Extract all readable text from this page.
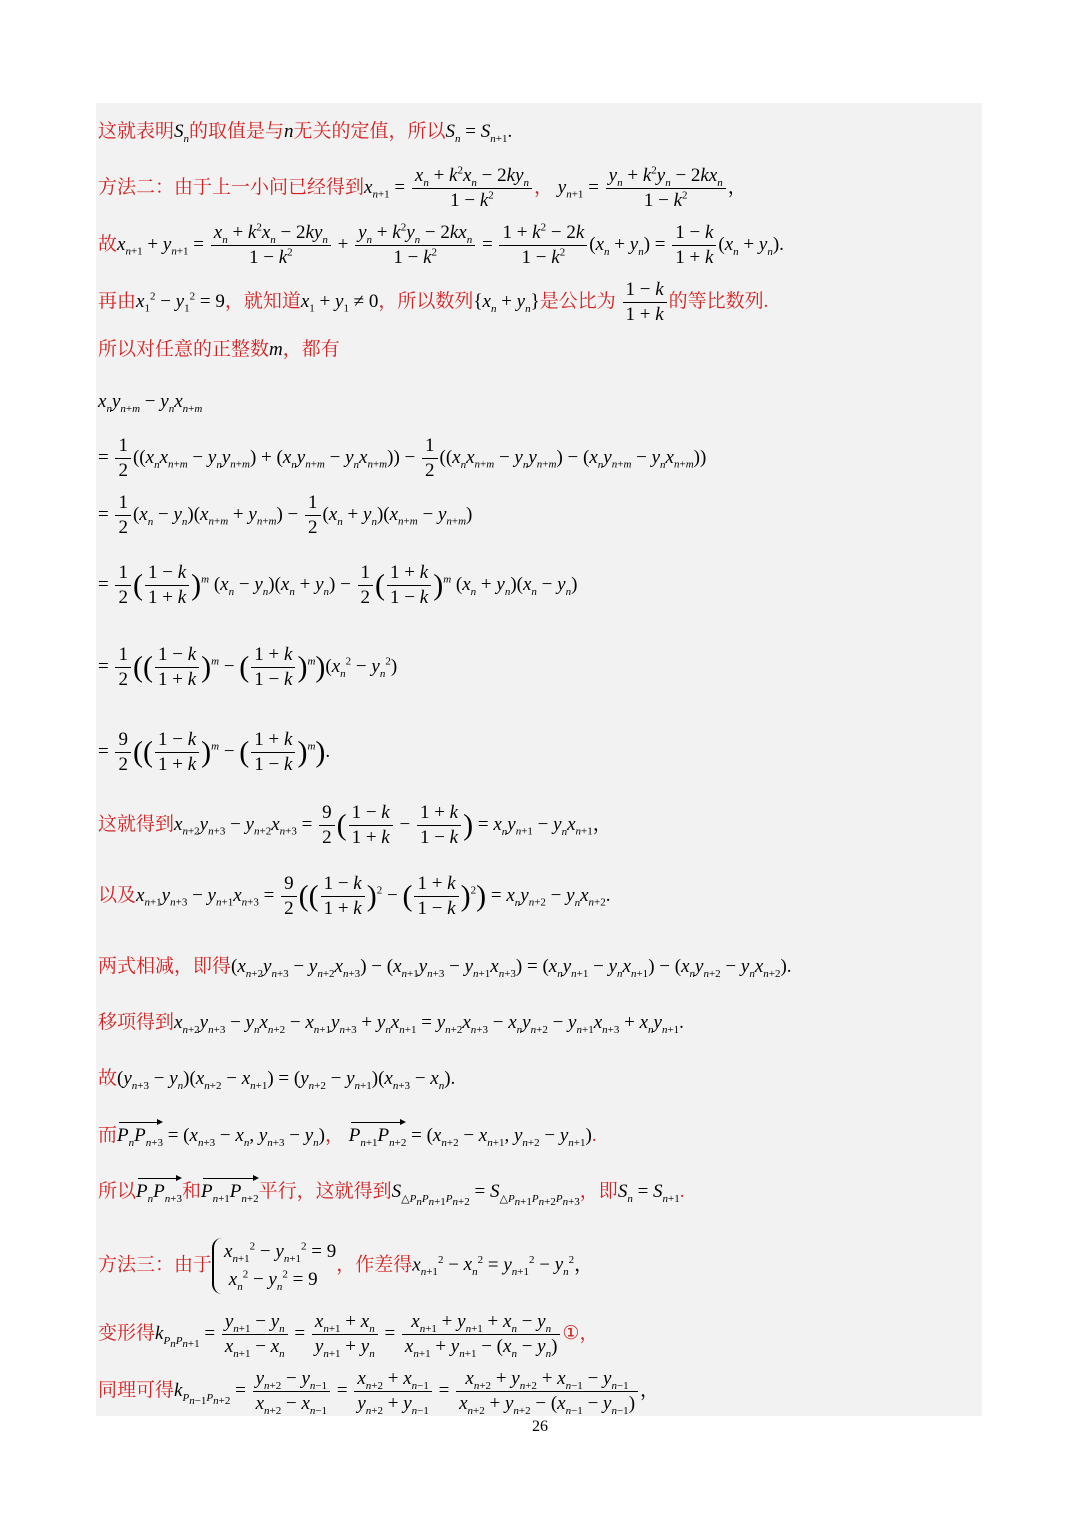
这就表明$S_n$的取值是与n无关的定值，所以$S_n = S_{n+1}$.
方法二：由于上一小问已经得到$x_{n+1} = \frac{x_n + k^2x_n - 2ky_n}{1 - k^2}$ ， $y_{n+1} = \frac{y_n + k^2y_n - 2kx_n}{1 - k^2}$ ，
故$x_{n+1} + y_{n+1} = \frac{x_n + k^2x_n - 2ky_n}{1 - k^2} + \frac{y_n + k^2y_n - 2kx_n}{1 - k^2} = \frac{1 + k^2 - 2k}{1 - k^2} (x_n + y_n) = \frac{1 - k}{1 + k} (x_n + y_n)$.
再由$x_1^2 - y_1^2 = 9$，就知道$x_1 + y_1 \ne 0$，所以数列$\{x_n + y_n\}$是公比为 $\frac{1 - k}{1 + k}$ 的等比数列.
所以对任意的正整数m，都有
$x_ny_{n+m} - y_nx_{n+m}$
= $\frac{1}{2} ((x_nx_{n+m} - y_ny_{n+m}) + (x_ny_{n+m} - y_nx_{n+m})) - \frac{1}{2} ((x_nx_{n+m} - y_ny_{n+m}) - (x_ny_{n+m} - y_nx_{n+m}))$
= $\frac{1}{2} (x_n - y_n)(x_{n+m} + y_{n+m}) - \frac{1}{2} (x_n + y_n)(x_{n+m} - y_{n+m})$
= $\frac{1}{2}$ ( $\frac{1 - k}{1 + k} )^m$ $(x_n - y_n)(x_n + y_n) - \frac{1}{2}$ ( $\frac{1 + k}{1 - k} )^m$ $(x_n + y_n)(x_n - y_n)$
= $\frac{1}{2}$ (( $\frac{1 - k}{1 + k} )^m$ − ( $\frac{1 + k}{1 - k} )^m)(x_n^2 - y_n^2)$
= $\frac{9}{2}$ (( $\frac{1 - k}{1 + k} )^m$ − ( $\frac{1 + k}{1 - k} )^m$).
这就得到$x_{n+2}y_{n+3} - y_{n+2}x_{n+3} = \frac{9}{2}$ ( $\frac{1 - k}{1 + k} - \frac{1 + k}{1 - k}$ ) = $x_ny_{n+1} - y_nx_{n+1}$，
以及$x_{n+1}y_{n+3} - y_{n+1}x_{n+3} = \frac{9}{2}$ (( $\frac{1 - k}{1 + k} )^2$ − ( $\frac{1 + k}{1 - k} )^2) = x_ny_{n+2} - y_nx_{n+2}$.
两式相减，即得$(x_{n+2}y_{n+3} - y_{n+2}x_{n+3}) - (x_{n+1}y_{n+3} - y_{n+1}x_{n+3}) = (x_ny_{n+1} - y_nx_{n+1}) - (x_ny_{n+2} - y_nx_{n+2})$.
移项得到$x_{n+2}y_{n+3} - y_nx_{n+2} - x_{n+1}y_{n+3} + y_nx_{n+1} = y_{n+2}x_{n+3} - x_ny_{n+2} - y_{n+1}x_{n+3} + x_ny_{n+1}$.
故$(y_{n+3} - y_n)(x_{n+2} - x_{n+1}) = (y_{n+2} - y_{n+1})(x_{n+3} - x_n)$.
而$P_nP_{n+3} = (x_{n+3} - x_n$, $y_{n+3} - y_n$)， $P_{n+1}P_{n+2} = (x_{n+2} - x_{n+1}$, $y_{n+2} - y_{n+1}$).
所以$P_nP_{n+3}$和$P_{n+1}P_{n+2}$平行，这就得到$S_{\triangle P_nP_{n+1}P_{n+2}} = S_{\triangle P_{n+1}P_{n+2}P_{n+3}}$，即$S_n = S_{n+1}$.
方法三：由于
$x_{n+1}^2 - y_{n+1}^2 = 9$
$x_n^2 - y_n^2 = 9$
，作差得$x_{n+1}^2 - x_n^2 = y_{n+1}^2 - y_n^2$，
变形得$k_{P_nP_{n+1}} = \frac{y_{n+1} - y_n}{x_{n+1} - x_n} = \frac{x_{n+1} + x_n}{y_{n+1} + y_n} = \frac{x_{n+1} + y_{n+1} + x_n - y_n}{x_{n+1} + y_{n+1} - (x_n - y_n)}$ ①，
同理可得$k_{P_{n-1}P_{n+2}} = \frac{y_{n+2} - y_{n-1}}{x_{n+2} - x_{n-1}} = \frac{x_{n+2} + x_{n-1}}{y_{n+2} + y_{n-1}} = \frac{x_{n+2} + y_{n+2} + x_{n-1} - y_{n-1}}{x_{n+2} + y_{n+2} - (x_{n-1} - y_{n-1})}$ ，
26
